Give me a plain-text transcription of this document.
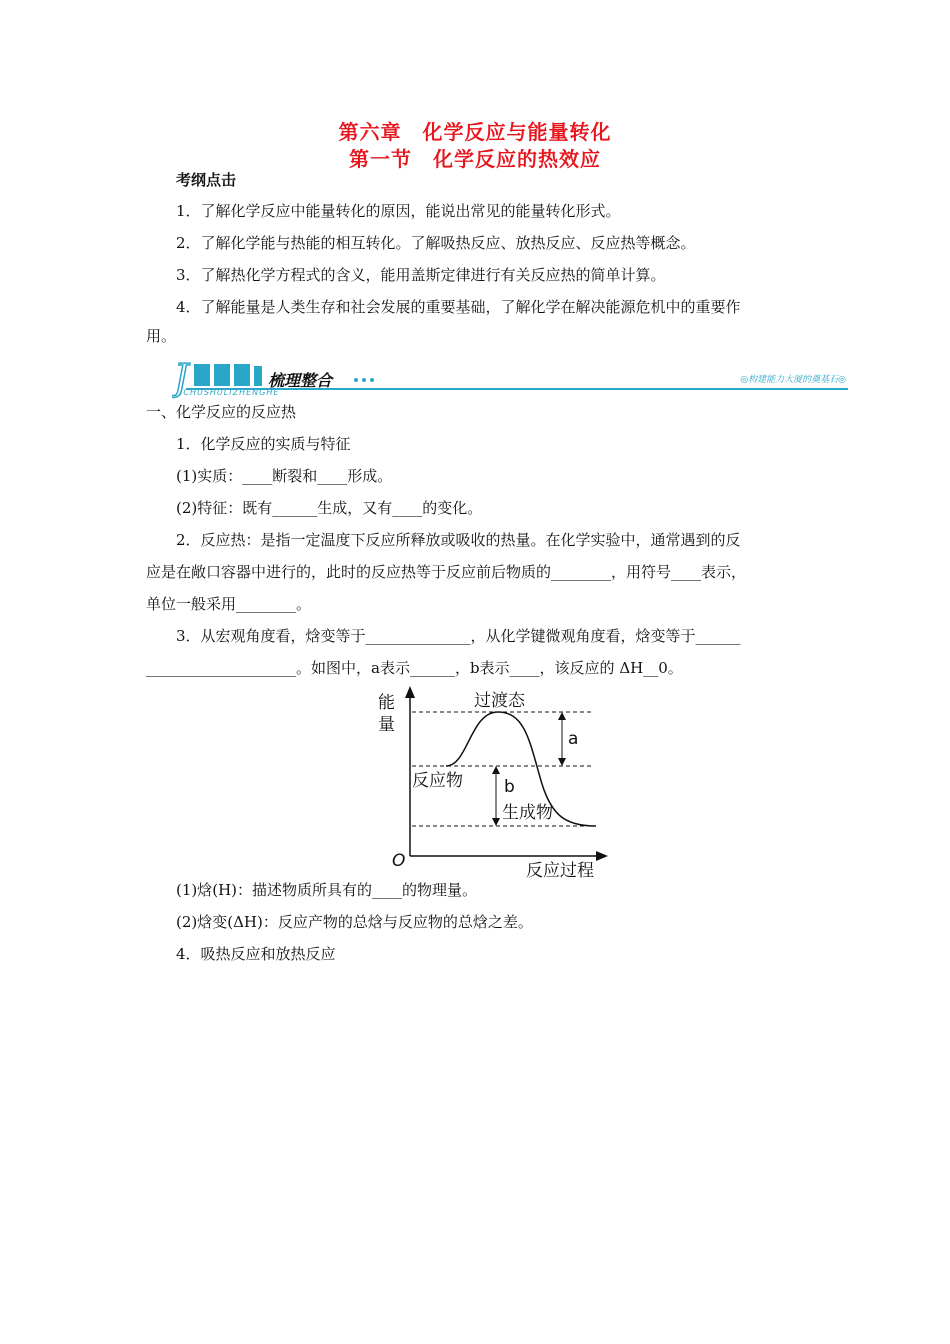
第六章　化学反应与能量转化
第一节　化学反应的热效应
考纲点击
1．了解化学反应中能量转化的原因，能说出常见的能量转化形式。
2．了解化学能与热能的相互转化。了解吸热反应、放热反应、反应热等概念。
3．了解热化学方程式的含义，能用盖斯定律进行有关反应热的简单计算。
4．了解能量是人类生存和社会发展的重要基础，了解化学在解决能源危机中的重要作
用。
J	梳理整合
ICHUSHULIZHENGHE
◎构建能力大厦的奠基石◎
一、化学反应的反应热
1．化学反应的实质与特征
(1)实质：____断裂和____形成。
(2)特征：既有______生成，又有____的变化。
2．反应热：是指一定温度下反应所释放或吸收的热量。在化学实验中，通常遇到的反
应是在敞口容器中进行的，此时的反应热等于反应前后物质的________，用符号____表示，
单位一般采用________。
3．从宏观角度看，焓变等于______________，从化学键微观角度看，焓变等于______
____________________。如图中，a表示______，b表示____，该反应的 ΔH__0。
能
量
过渡态
a
反应物 b
生成物
O	反应过程
(1)焓(H)：描述物质所具有的____的物理量。
(2)焓变(ΔH)：反应产物的总焓与反应物的总焓之差。
4．吸热反应和放热反应
